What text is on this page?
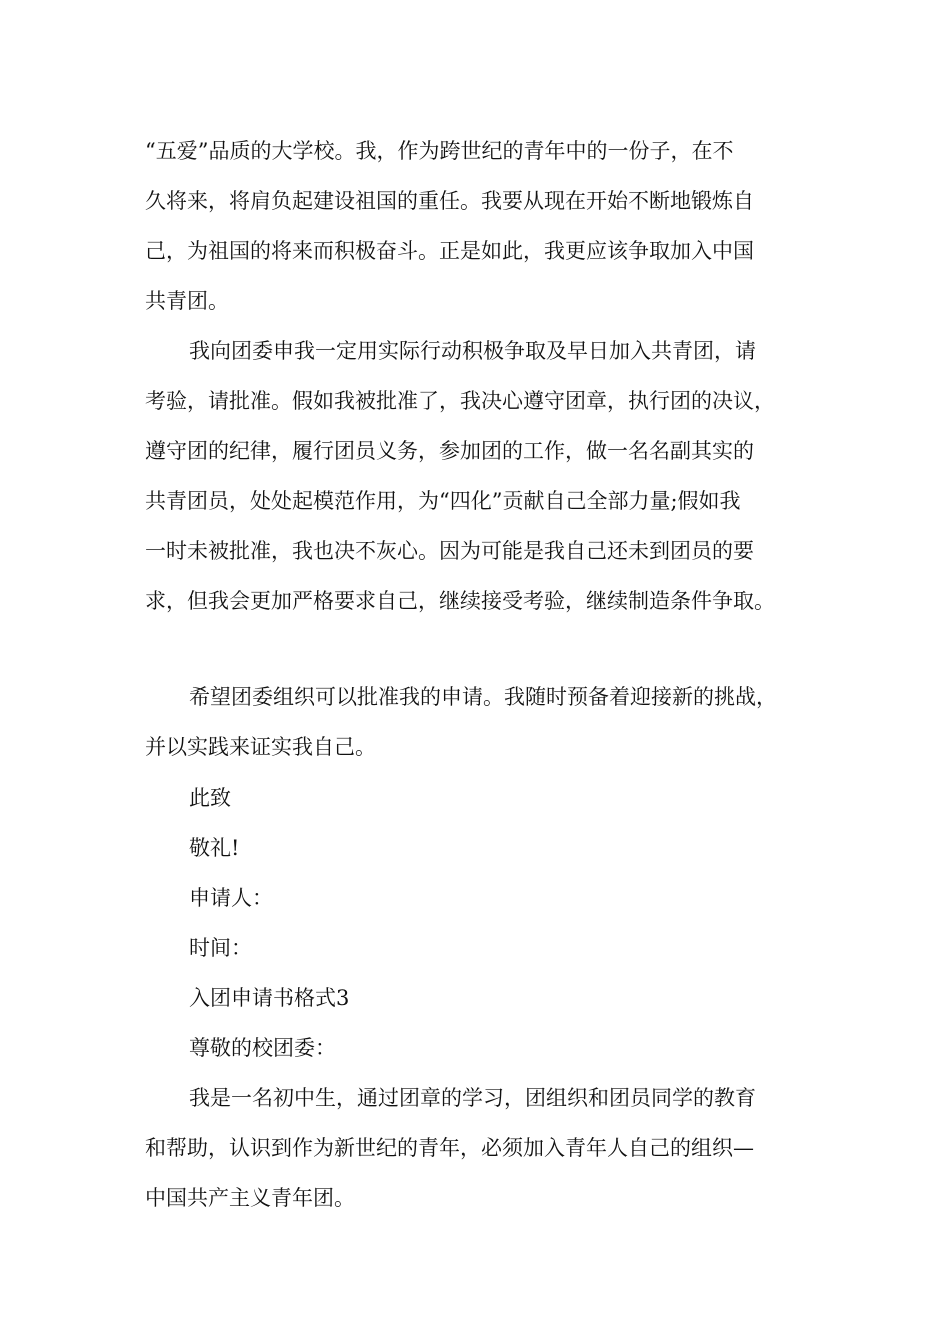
“五爱”品质的大学校。我，作为跨世纪的青年中的一份子，在不
久将来，将肩负起建设祖国的重任。我要从现在开始不断地锻炼自
己，为祖国的将来而积极奋斗。正是如此，我更应该争取加入中国
共青团。
我向团委申我一定用实际行动积极争取及早日加入共青团，请
考验，请批准。假如我被批准了，我决心遵守团章，执行团的决议，
遵守团的纪律，履行团员义务，参加团的工作，做一名名副其实的
共青团员，处处起模范作用，为“四化”贡献自己全部力量;假如我
一时未被批准，我也决不灰心。因为可能是我自己还未到团员的要
求，但我会更加严格要求自己，继续接受考验，继续制造条件争取。
希望团委组织可以批准我的申请。我随时预备着迎接新的挑战，
并以实践来证实我自己。
此致
敬礼!
申请人：
时间：
入团申请书格式3
尊敬的校团委：
我是一名初中生，通过团章的学习，团组织和团员同学的教育
和帮助，认识到作为新世纪的青年，必须加入青年人自己的组织—
中国共产主义青年团。
